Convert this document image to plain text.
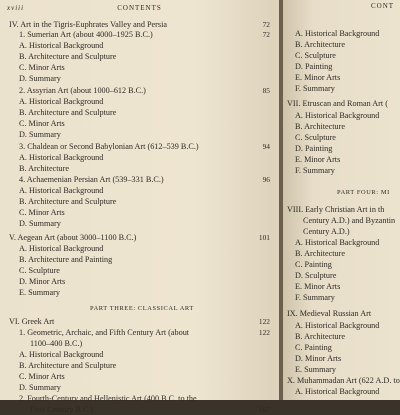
xviii	CONTENTS
IV. Art in the Tigris-Euphrates Valley and Persia	72
1. Sumerian Art (about 4000–1925 B.C.)	72
A. Historical Background
B. Architecture and Sculpture
C. Minor Arts
D. Summary
2. Assyrian Art (about 1000–612 B.C.)	85
A. Historical Background
B. Architecture and Sculpture
C. Minor Arts
D. Summary
3. Chaldean or Second Babylonian Art (612–539 B.C.)	94
A. Historical Background
B. Architecture
4. Achaemenian Persian Art (539–331 B.C.)	96
A. Historical Background
B. Architecture and Sculpture
C. Minor Arts
D. Summary
V. Aegean Art (about 3000–1100 B.C.)	101
A. Historical Background
B. Architecture and Painting
C. Sculpture
D. Minor Arts
E. Summary
PART THREE: CLASSICAL ART
VI. Greek Art	122
1. Geometric, Archaic, and Fifth Century Art (about	122
1100–400 B.C.)
A. Historical Background
B. Architecture and Sculpture
C. Minor Arts
D. Summary
2. Fourth-Century and Hellenistic Art (400 B.C. to the
First Century B.C.)	167
CONT
A. Historical Background
B. Architecture
C. Sculpture
D. Painting
E. Minor Arts
F. Summary
VII. Etruscan and Roman Art (
A. Historical Background
B. Architecture
C. Sculpture
D. Painting
E. Minor Arts
F. Summary
PART FOUR: MI
VIII. Early Christian Art in th
Century A.D.) and Byzantin
Century A.D.)
A. Historical Background
B. Architecture
C. Painting
D. Sculpture
E. Minor Arts
F. Summary
IX. Medieval Russian Art
A. Historical Background
B. Architecture
C. Painting
D. Minor Arts
E. Summary
X. Muhammadan Art (622 A.D. to
A. Historical Background
